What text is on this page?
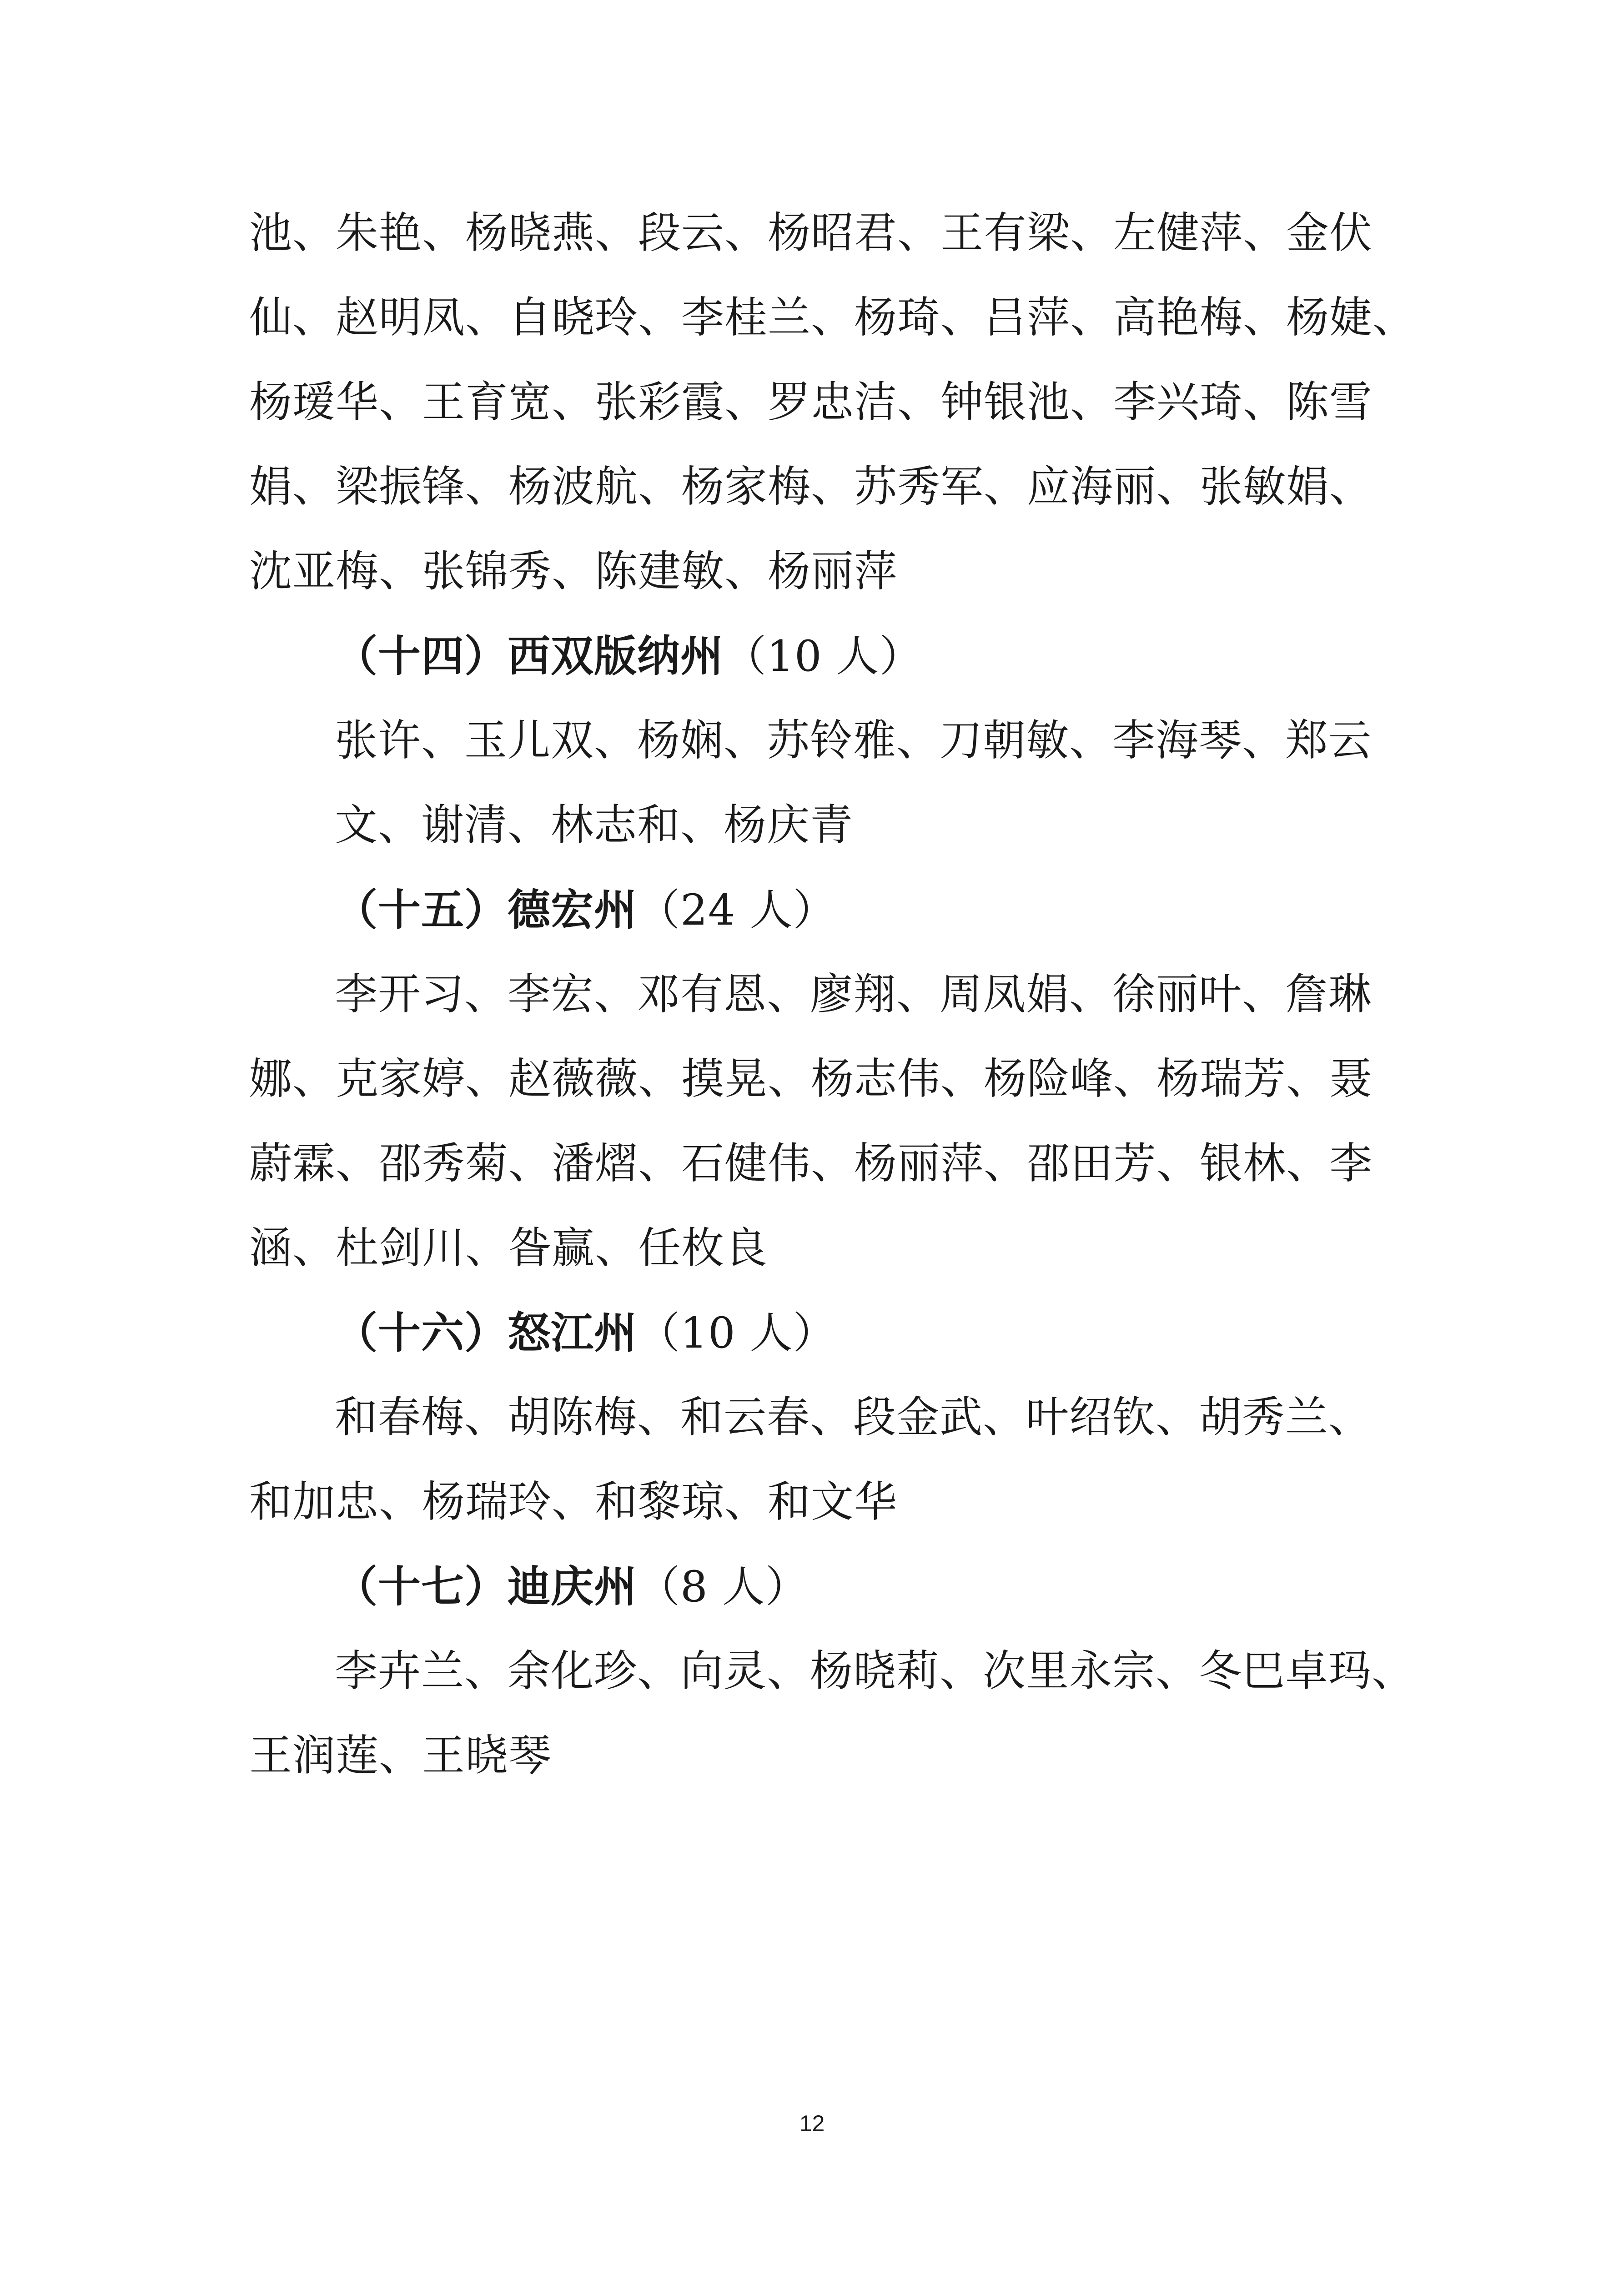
池、朱艳、杨晓燕、段云、杨昭君、王有梁、左健萍、金伏
仙、赵明凤、自晓玲、李桂兰、杨琦、吕萍、高艳梅、杨婕、
杨瑷华、王育宽、张彩霞、罗忠洁、钟银池、李兴琦、陈雪
娟、梁振锋、杨波航、杨家梅、苏秀军、应海丽、张敏娟、
沈亚梅、张锦秀、陈建敏、杨丽萍
（十四）西双版纳州（10 人）
张许、玉儿双、杨娴、苏铃雅、刀朝敏、李海琴、郑云
文、谢清、林志和、杨庆青
（十五）德宏州（24 人）
李开习、李宏、邓有恩、廖翔、周凤娟、徐丽叶、詹琳
娜、克家婷、赵薇薇、摸晃、杨志伟、杨险峰、杨瑞芳、聂
蔚霖、邵秀菊、潘熠、石健伟、杨丽萍、邵田芳、银林、李
涵、杜剑川、昝赢、任枚良
（十六）怒江州（10 人）
和春梅、胡陈梅、和云春、段金武、叶绍钦、胡秀兰、
和加忠、杨瑞玲、和黎琼、和文华
（十七）迪庆州（8 人）
李卉兰、余化珍、向灵、杨晓莉、次里永宗、冬巴卓玛、
王润莲、王晓琴
12
